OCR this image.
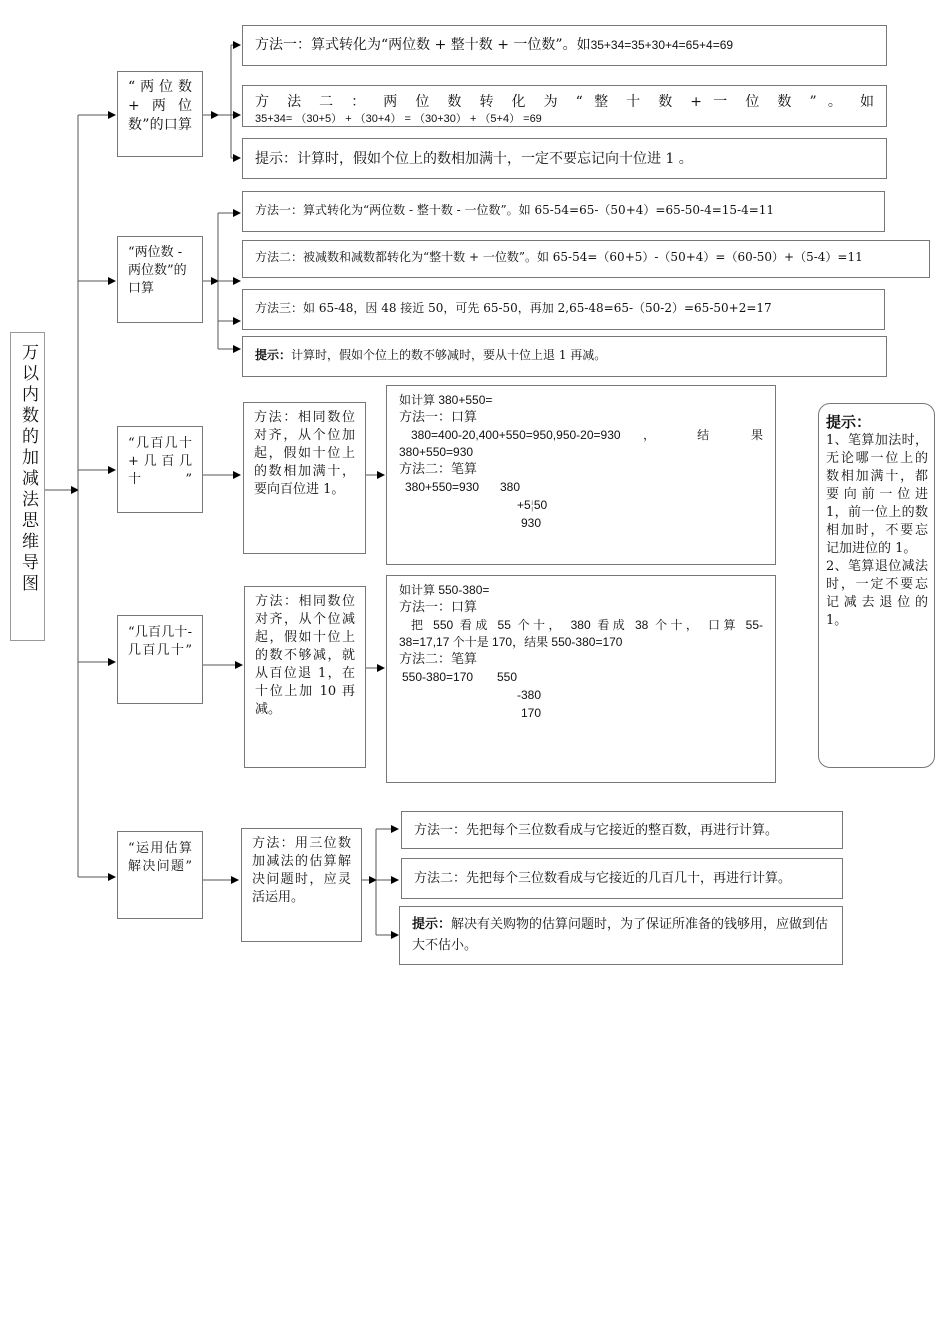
万以内数的加减法思维导图
“两位数+两位数”的口算
方法一：算式转化为“两位数 + 整十数 + 一位数”。如35+34=35+30+4=65+4=69
方 法 二 ： 两 位 数 转 化 为 “ 整 十 数 + 一 位 数 ” 。 如
35+34= （30+5） + （30+4） = （30+30） + （5+4） =69
提示：计算时，假如个位上的数相加满十，一定不要忘记向十位进 1 。
“两位数 - 两位数”的口算
方法一：算式转化为“两位数 - 整十数 - 一位数”。如 65-54=65-（50+4）=65-50-4=15-4=11
方法二：被减数和减数都转化为“整十数 + 一位数”。如 65-54=（60+5）-（50+4）=（60-50）+（5-4）=11
方法三：如 65-48，因 48 接近 50，可先 65-50，再加 2,65-48=65-（50-2）=65-50+2=17
提示：计算时，假如个位上的数不够减时，要从十位上退 1 再减。
“几百几十+几百几十”
方法：相同数位对齐，从个位加起，假如十位上的数相加满十，要向百位进 1。
如计算 380+550=
方法一：口算
380=400-20,400+550=950,950-20=930 ， 结 果
380+550=930
方法二：笔算
380+550=930 380
+5¦50
930
“几百几十-几百几十”
方法：相同数位对齐，从个位减起，假如十位上的数不够减，就从百位退 1，在十位上加 10 再减。
如计算 550-380=
方法一：口算
把 550 看成 55 个十， 380 看成 38 个十， 口算 55-
38=17,17 个十是 170，结果 550-380=170
方法二：笔算
550-380=170 550
-380
170
“运用估算解决问题”
方法：用三位数加减法的估算解决问题时，应灵活运用。
方法一：先把每个三位数看成与它接近的整百数，再进行计算。
方法二：先把每个三位数看成与它接近的几百几十，再进行计算。
提示：解决有关购物的估算问题时，为了保证所准备的钱够用，应做到估大不估小。
提示：
1、笔算加法时，无论哪一位上的数相加满十，都要向前一位进 1，前一位上的数相加时，不要忘记加进位的 1。
2、笔算退位减法时，一定不要忘记减去退位的 1。
